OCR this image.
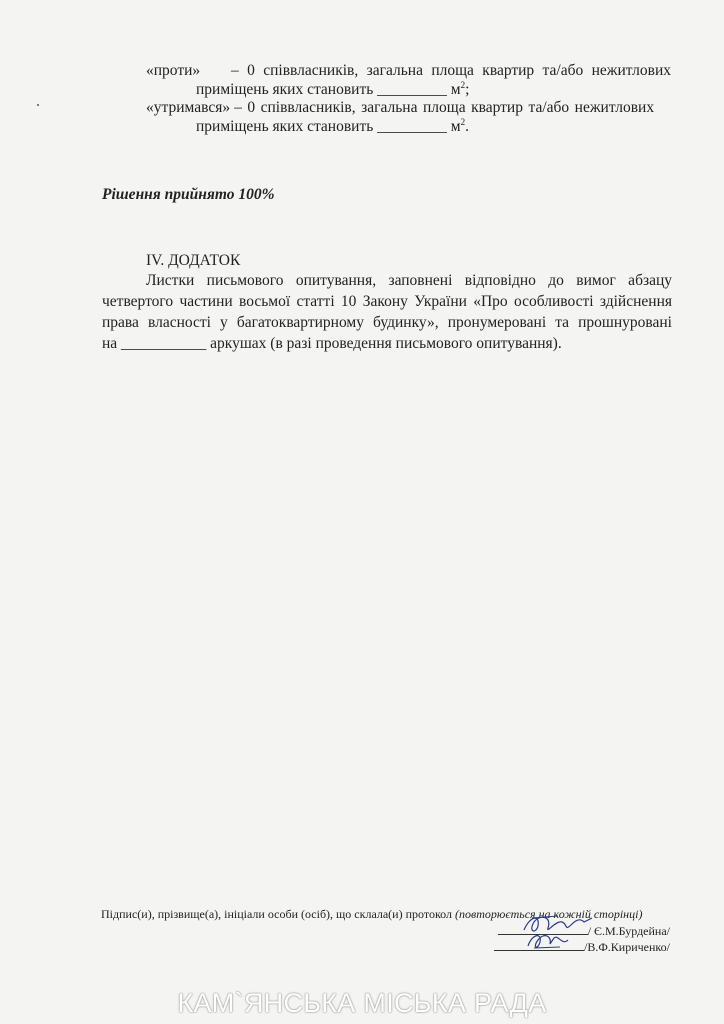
«проти» – 0 співвласників, загальна площа квартир та/або нежитлових
приміщень яких становить _________ $м^2$;
«утримався» – 0 співвласників, загальна площа квартир та/або нежитлових
приміщень яких становить _________ $м^2$.
Рішення прийнято 100%
IV. ДОДАТОК
Листки письмового опитування, заповнені відповідно до вимог абзацу
четвертого частини восьмої статті 10 Закону України «Про особливості здійснення
права власності у багатоквартирному будинку», пронумеровані та прошнуровані
на ___________ аркушах (в разі проведення письмового опитування).
Підпис(и), прізвище(а), ініціали особи (осіб), що склала(и) протокол (повторюється на кожній сторінці)
/ Є.М.Бурдейна/
/В.Ф.Кириченко/
КАМ`ЯНСЬКА МІСЬКА РАДА
